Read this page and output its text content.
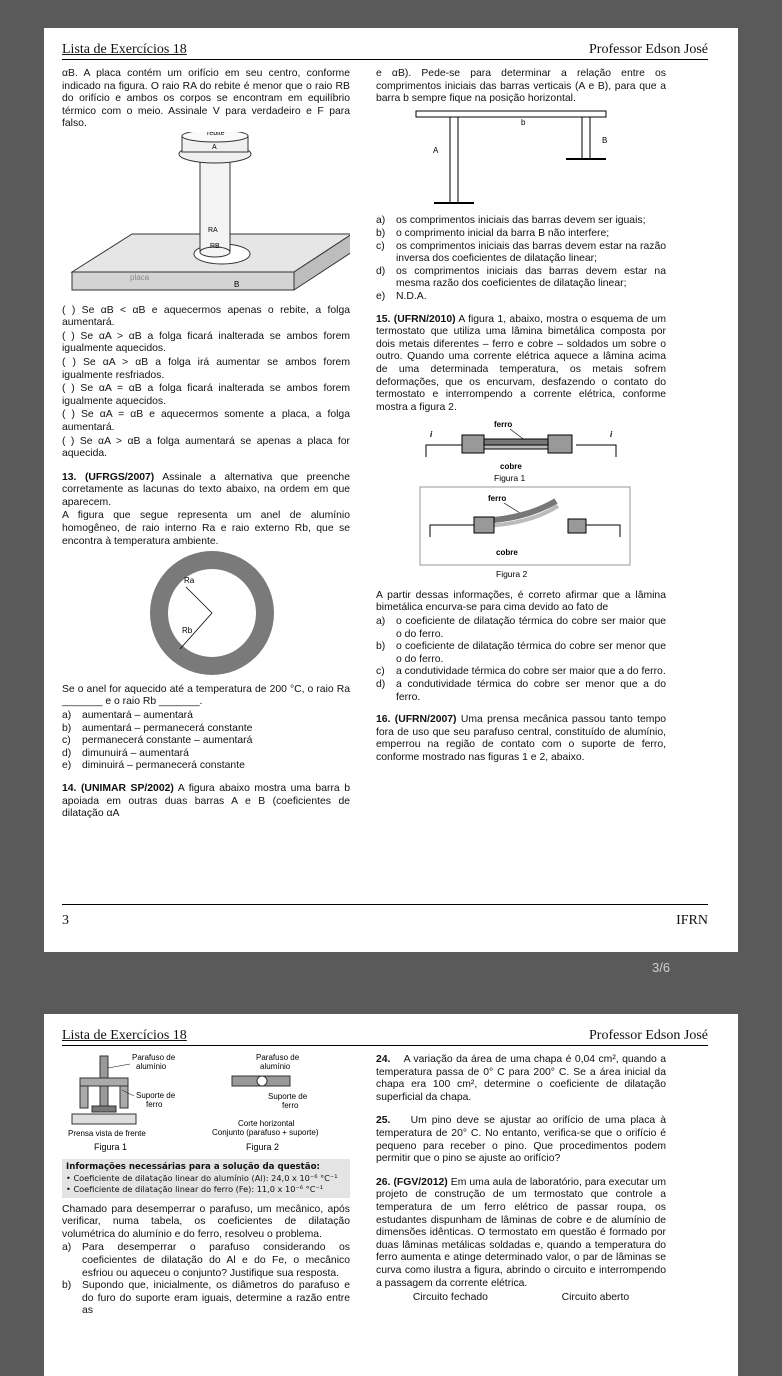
Lista de Exercícios 18	Professor Edson José

αB. A placa contém um orifício em seu centro, conforme indicado na figura. O raio RA do rebite é menor que o raio RB do orifício e ambos os corpos se encontram em equilíbrio térmico com o meio. Assinale V para verdadeiro e F para falso.

rebite
A
RA
RB
placa
B

( ) Se αB < αB e aquecermos apenas o rebite, a folga aumentará.

( ) Se αA > αB a folga ficará inalterada se ambos forem igualmente aquecidos.

( ) Se αA > αB a folga irá aumentar se ambos forem igualmente resfriados.

( ) Se αA = αB a folga ficará inalterada se ambos forem igualmente aquecidos.

( ) Se αA = αB e aquecermos somente a placa, a folga aumentará.

( ) Se αA > αB a folga aumentará se apenas a placa for aquecida.

13. (UFRGS/2007) Assinale a alternativa que preenche corretamente as lacunas do texto abaixo, na ordem em que aparecem.

A figura que segue representa um anel de alumínio homogêneo, de raio interno Ra e raio externo Rb, que se encontra à temperatura ambiente.

Ra
Rb

Se o anel for aquecido até a temperatura de 200 °C, o raio Ra _______ e o raio Rb _______.

a)	aumentará – aumentará
b)	aumentará – permanecerá constante
c)	permanecerá constante – aumentará
d)	dimunuirá – aumentará
e)	diminuirá – permanecerá constante

14. (UNIMAR SP/2002) A figura abaixo mostra uma barra b apoiada em outras duas barras A e B (coeficientes de dilatação αA

e αB). Pede-se para determinar a relação entre os comprimentos iniciais das barras verticais (A e B), para que a barra b sempre fique na posição horizontal.

b
A
B
a)	os comprimentos iniciais das barras devem ser iguais;
b)	o comprimento inicial da barra B não interfere;
c)	os comprimentos iniciais das barras devem estar na razão inversa dos coeficientes de dilatação linear;
d)	os comprimentos iniciais das barras devem estar na mesma razão dos coeficientes de dilatação linear;
e)	N.D.A.

15. (UFRN/2010) A figura 1, abaixo, mostra o esquema de um termostato que utiliza uma lâmina bimetálica composta por dois metais diferentes – ferro e cobre – soldados um sobre o outro. Quando uma corrente elétrica aquece a lâmina acima de uma determinada temperatura, os metais sofrem deformações, que os encurvam, desfazendo o contato do termostato e interrompendo a corrente elétrica, conforme mostra a figura 2.

ferro
i	i
cobre
Figura 1
ferro
cobre
Figura 2

A partir dessas informações, é correto afirmar que a lâmina bimetálica encurva-se para cima devido ao fato de

a)	o coeficiente de dilatação térmica do cobre ser maior que o do ferro.
b)	o coeficiente de dilatação térmica do cobre ser menor que o do ferro.
c)	a condutividade térmica do cobre ser maior que a do ferro.
d)	a condutividade térmica do cobre ser menor que a do ferro.

16. (UFRN/2007) Uma prensa mecânica passou tanto tempo fora de uso que seu parafuso central, constituído de alumínio, emperrou na região de contato com o suporte de ferro, conforme mostrado nas figuras 1 e 2, abaixo.

3	IFRN
3/6
Lista de Exercícios 18	Professor Edson José
Parafuso de
alumínio
Suporte de
ferro
Prensa vista de frente
Figura 1
Parafuso de
alumínio
Suporte de
ferro
Corte horizontal
Conjunto (parafuso + suporte)
Figura 2
Informações necessárias para a solução da questão:
• Coeficiente de dilatação linear do alumínio (Al): 24,0 x 10⁻⁶ °C⁻¹
• Coeficiente de dilatação linear do ferro (Fe): 11,0 x 10⁻⁶ °C⁻¹

Chamado para desemperrar o parafuso, um mecânico, após verificar, numa tabela, os coeficientes de dilatação volumétrica do alumínio e do ferro, resolveu o problema.

a)	Para desemperrar o parafuso considerando os coeficientes de dilatação do Al e do Fe, o mecânico esfriou ou aqueceu o conjunto? Justifique sua resposta.
b)	Supondo que, inicialmente, os diâmetros do parafuso e do furo do suporte eram iguais, determine a razão entre as

24. A variação da área de uma chapa é 0,04 cm², quando a temperatura passa de 0° C para 200° C. Se a área inicial da chapa era 100 cm², determine o coeficiente de dilatação superficial da chapa.

25. Um pino deve se ajustar ao orifício de uma placa à temperatura de 20° C. No entanto, verifica-se que o orifício é pequeno para receber o pino. Que procedimentos podem permitir que o pino se ajuste ao orifício?

26. (FGV/2012) Em uma aula de laboratório, para executar um projeto de construção de um termostato que controle a temperatura de um ferro elétrico de passar roupa, os estudantes dispunham de lâminas de cobre e de alumínio de dimensões idênticas. O termostato em questão é formado por duas lâminas metálicas soldadas e, quando a temperatura do ferro aumenta e atinge determinado valor, o par de lâminas se curva como ilustra a figura, abrindo o circuito e interrompendo a passagem da corrente elétrica.

Circuito fechado	Circuito aberto
